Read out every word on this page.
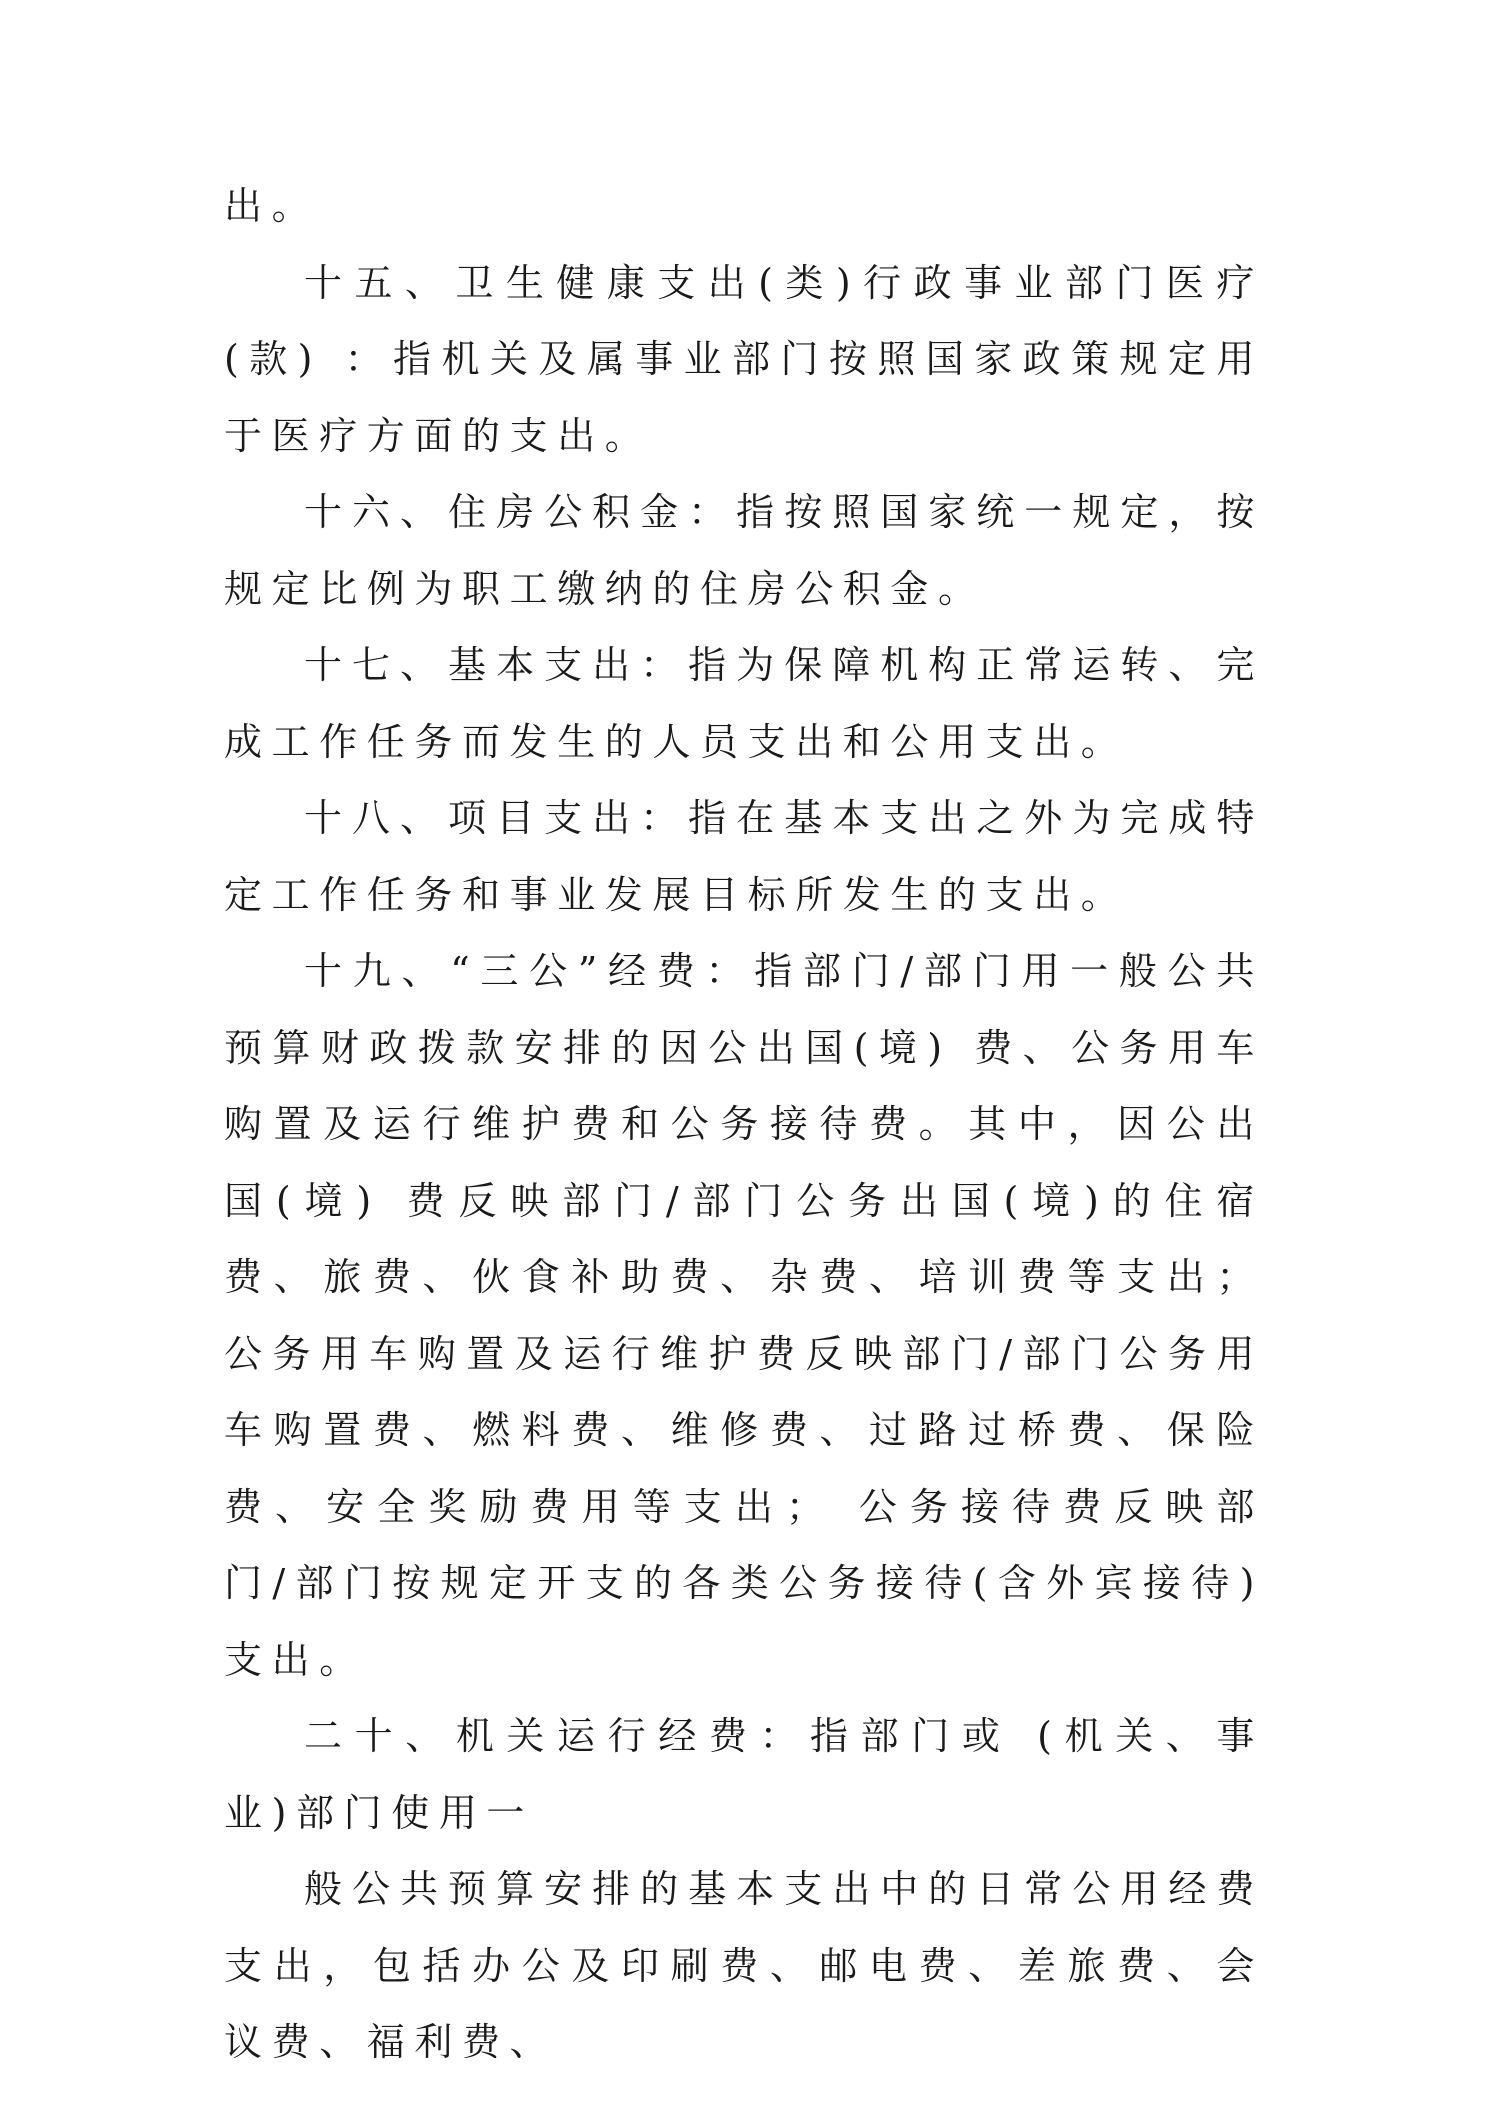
出。

十五、卫生健康支出(类)行政事业部门医疗(款) ：指机关及属事业部门按照国家政策规定用于医疗方面的支出。

十六、住房公积金：指按照国家统一规定，按规定比例为职工缴纳的住房公积金。

十七、基本支出：指为保障机构正常运转、完成工作任务而发生的人员支出和公用支出。

十八、项目支出：指在基本支出之外为完成特定工作任务和事业发展目标所发生的支出。

十九、“三公”经费：指部门/部门用一般公共预算财政拨款安排的因公出国(境) 费、公务用车购置及运行维护费和公务接待费。其中，因公出国(境) 费反映部门/部门公务出国(境)的住宿费、旅费、伙食补助费、杂费、培训费等支出； 公务用车购置及运行维护费反映部门/部门公务用车购置费、燃料费、维修费、过路过桥费、保险费、安全奖励费用等支出； 公务接待费反映部门/部门按规定开支的各类公务接待(含外宾接待) 支出。

二十、机关运行经费：指部门或 (机关、事业)部门使用一

般公共预算安排的基本支出中的日常公用经费支出，包括办公及印刷费、邮电费、差旅费、会议费、福利费、
